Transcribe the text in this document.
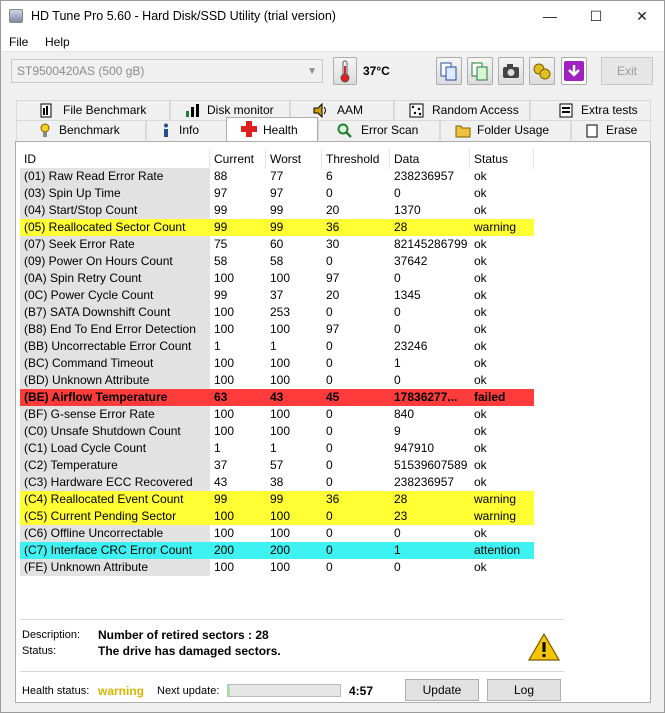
HD Tune Pro 5.60 - Hard Disk/SSD Utility (trial version)	—	☐	✕
File Help
ST9500420AS (500 gB)	▼	37°C	Exit
File Benchmark	Disk monitor	AAM	Random Access	Extra tests
Benchmark	Info	Health	Error Scan	Folder Usage	Erase
ID	Current	Worst	Threshold	Data	Status
(01) Raw Read Error Rate	88	77	6	238236957	ok
(03) Spin Up Time	97	97	0	0	ok
(04) Start/Stop Count	99	99	20	1370	ok
(05) Reallocated Sector Count	99	99	36	28	warning
(07) Seek Error Rate	75	60	30	82145286799 ok
(09) Power On Hours Count	58	58	0	37642	ok
(0A) Spin Retry Count	100	100	97	0	ok
(0C) Power Cycle Count	99	37	20	1345	ok
(B7) SATA Downshift Count	100	253	0	0	ok
(B8) End To End Error Detection	100	100	97	0	ok
(BB) Uncorrectable Error Count	1	1	0	23246	ok
(BC) Command Timeout	100	100	0	1	ok
(BD) Unknown Attribute	100	100	0	0	ok
(BE) Airflow Temperature	63	43	45	17836277...	failed
(BF) G-sense Error Rate	100	100	0	840	ok
(C0) Unsafe Shutdown Count	100	100	0	9	ok
(C1) Load Cycle Count	1	1	0	947910	ok
(C2) Temperature	37	57	0	51539607589 ok
(C3) Hardware ECC Recovered	43	38	0	238236957	ok
(C4) Reallocated Event Count	99	99	36	28	warning
(C5) Current Pending Sector	100	100	0	23	warning
(C6) Offline Uncorrectable	100	100	0	0	ok
(C7) Interface CRC Error Count	200	200	0	1	attention
(FE) Unknown Attribute	100	100	0	0	ok
Description: Number of retired sectors : 28
Status:	The drive has damaged sectors.
Health status: warning Next update:	4:57	Update	Log
